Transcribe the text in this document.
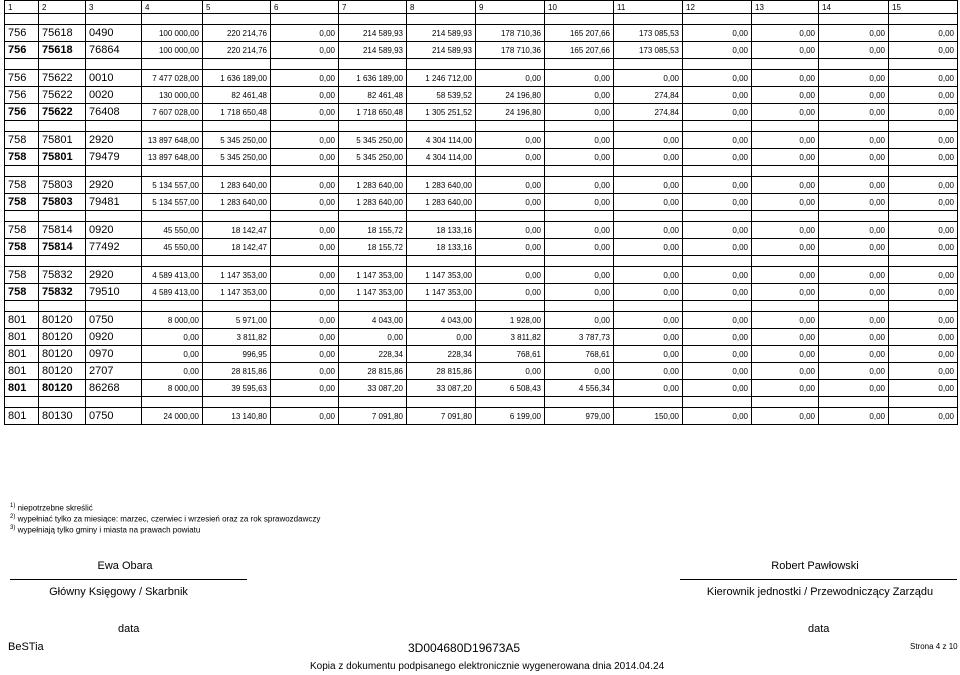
1	2	3	4	5	6	7	8	9	10	11	12	13	14	15

756	75618	0490	100 000,00	220 214,76	0,00	214 589,93	214 589,93	178 710,36	165 207,66	173 085,53	0,00	0,00	0,00	0,00
756	75618	76864	100 000,00	220 214,76	0,00	214 589,93	214 589,93	178 710,36	165 207,66	173 085,53	0,00	0,00	0,00	0,00

756	75622	0010	7 477 028,00	1 636 189,00	0,00	1 636 189,00	1 246 712,00	0,00	0,00	0,00	0,00	0,00	0,00	0,00
756	75622	0020	130 000,00	82 461,48	0,00	82 461,48	58 539,52	24 196,80	0,00	274,84	0,00	0,00	0,00	0,00
756	75622	76408	7 607 028,00	1 718 650,48	0,00	1 718 650,48	1 305 251,52	24 196,80	0,00	274,84	0,00	0,00	0,00	0,00

758	75801	2920	13 897 648,00	5 345 250,00	0,00	5 345 250,00	4 304 114,00	0,00	0,00	0,00	0,00	0,00	0,00	0,00
758	75801	79479	13 897 648,00	5 345 250,00	0,00	5 345 250,00	4 304 114,00	0,00	0,00	0,00	0,00	0,00	0,00	0,00

758	75803	2920	5 134 557,00	1 283 640,00	0,00	1 283 640,00	1 283 640,00	0,00	0,00	0,00	0,00	0,00	0,00	0,00
758	75803	79481	5 134 557,00	1 283 640,00	0,00	1 283 640,00	1 283 640,00	0,00	0,00	0,00	0,00	0,00	0,00	0,00

758	75814	0920	45 550,00	18 142,47	0,00	18 155,72	18 133,16	0,00	0,00	0,00	0,00	0,00	0,00	0,00
758	75814	77492	45 550,00	18 142,47	0,00	18 155,72	18 133,16	0,00	0,00	0,00	0,00	0,00	0,00	0,00

758	75832	2920	4 589 413,00	1 147 353,00	0,00	1 147 353,00	1 147 353,00	0,00	0,00	0,00	0,00	0,00	0,00	0,00
758	75832	79510	4 589 413,00	1 147 353,00	0,00	1 147 353,00	1 147 353,00	0,00	0,00	0,00	0,00	0,00	0,00	0,00

801	80120	0750	8 000,00	5 971,00	0,00	4 043,00	4 043,00	1 928,00	0,00	0,00	0,00	0,00	0,00	0,00
801	80120	0920	0,00	3 811,82	0,00	0,00	0,00	3 811,82	3 787,73	0,00	0,00	0,00	0,00	0,00
801	80120	0970	0,00	996,95	0,00	228,34	228,34	768,61	768,61	0,00	0,00	0,00	0,00	0,00
801	80120	2707	0,00	28 815,86	0,00	28 815,86	28 815,86	0,00	0,00	0,00	0,00	0,00	0,00	0,00
801	80120	86268	8 000,00	39 595,63	0,00	33 087,20	33 087,20	6 508,43	4 556,34	0,00	0,00	0,00	0,00	0,00

801	80130	0750	24 000,00	13 140,80	0,00	7 091,80	7 091,80	6 199,00	979,00	150,00	0,00	0,00	0,00	0,00
$^{1)}$ niepotrzebne skreślić
$^{2)}$ wypełniać tylko za miesiące: marzec, czerwiec i wrzesień oraz za rok sprawozdawczy
$^{3)}$ wypełniają tylko gminy i miasta na prawach powiatu
Ewa Obara
Główny Księgowy / Skarbnik
Robert Pawłowski
Kierownik jednostki / Przewodniczący Zarządu
data	data
BeSTia	3D004680D19673A5	Strona 4 z 10
Kopia z dokumentu podpisanego elektronicznie wygenerowana dnia 2014.04.24
